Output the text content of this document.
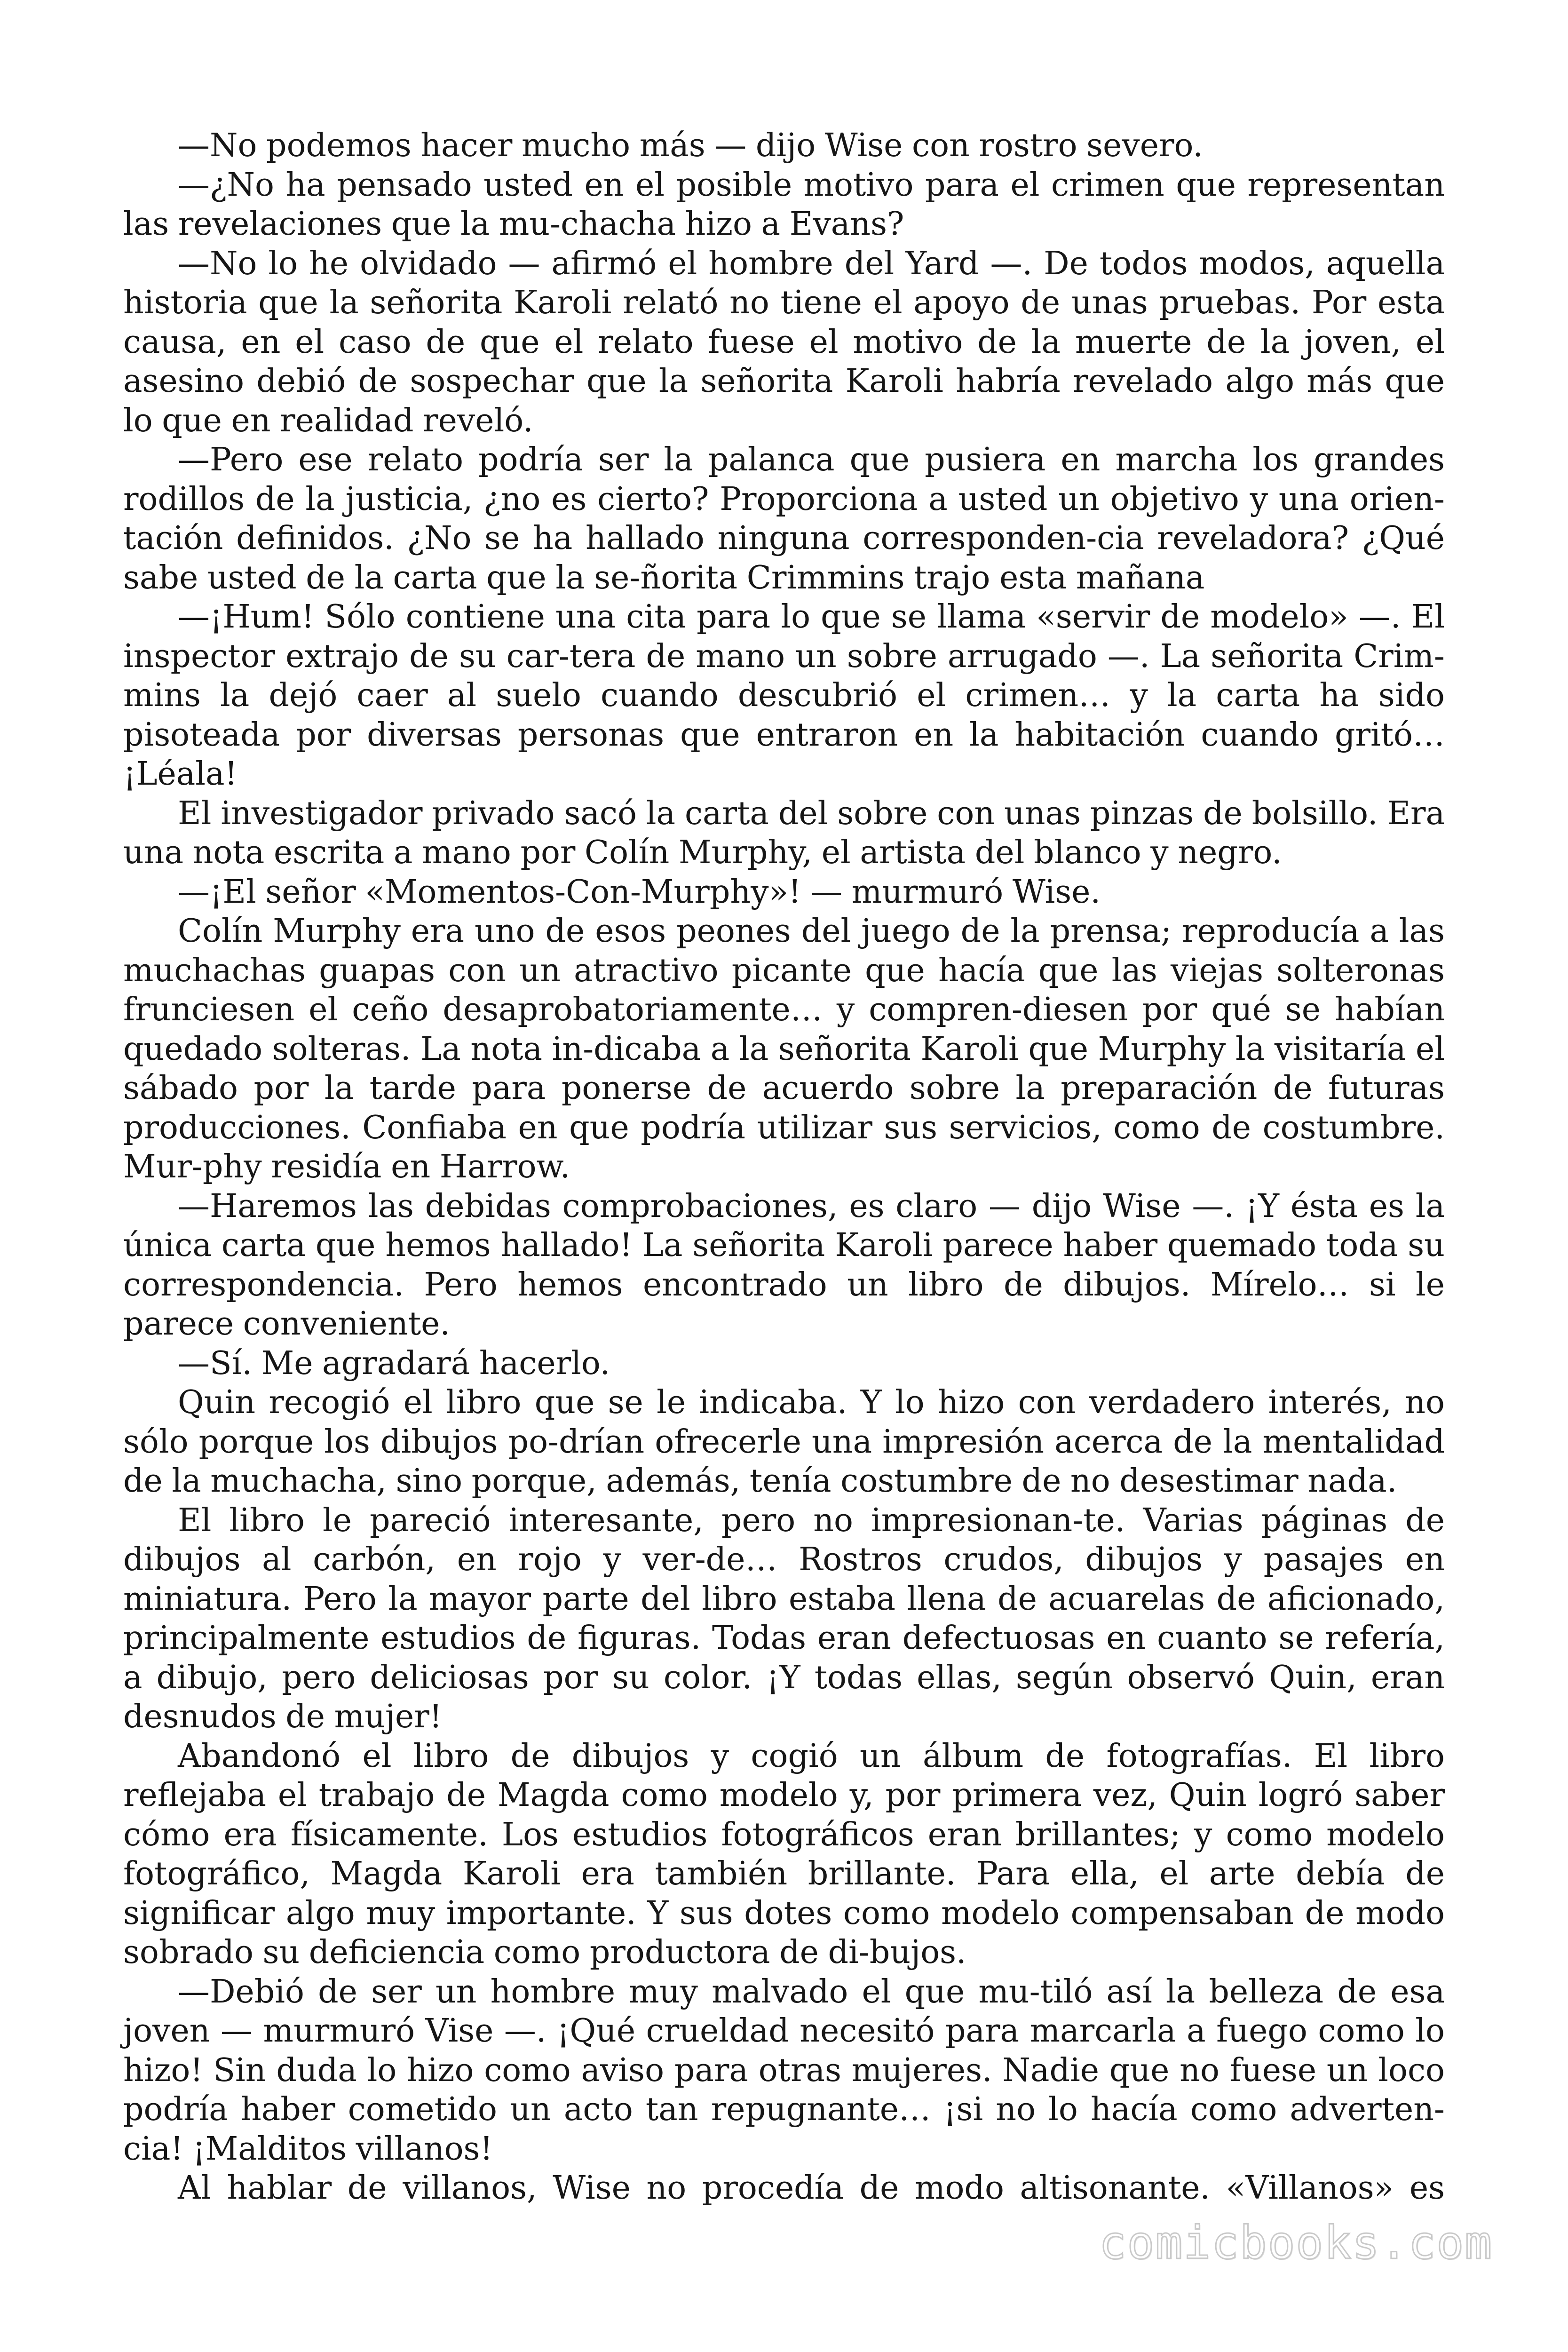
—No podemos hacer mucho más — dijo Wise con rostro severo.

—¿No ha pensado usted en el posible motivo para el crimen que representan las revelaciones que la mu-chacha hizo a Evans?

—No lo he olvidado — afirmó el hombre del Yard —. De todos modos, aquella historia que la señorita Karoli relató no tiene el apoyo de unas pruebas. Por esta causa, en el caso de que el relato fuese el motivo de la muerte de la joven, el asesino debió de sospechar que la señorita Karoli habría revelado algo más que lo que en realidad reveló.

—Pero ese relato podría ser la palanca que pusiera en marcha los grandes rodillos de la justicia, ¿no es cierto? Proporciona a usted un objetivo y una orien-tación definidos. ¿No se ha hallado ninguna corresponden-cia reveladora? ¿Qué sabe usted de la carta que la se-ñorita Crimmins trajo esta mañana

—¡Hum! Sólo contiene una cita para lo que se llama «servir de modelo» —. El inspector extrajo de su car-tera de mano un sobre arrugado —. La señorita Crim-mins la dejó caer al suelo cuando descubrió el crimen… y la carta ha sido pisoteada por diversas personas que entraron en la habitación cuando gritó… ¡Léala!

El investigador privado sacó la carta del sobre con unas pinzas de bolsillo. Era una nota escrita a mano por Colín Murphy, el artista del blanco y negro.

—¡El señor «Momentos-Con-Murphy»! — murmuró Wise.

Colín Murphy era uno de esos peones del juego de la prensa; reproducía a las muchachas guapas con un atractivo picante que hacía que las viejas solteronas frunciesen el ceño desaprobatoriamente… y compren-diesen por qué se habían quedado solteras. La nota in-dicaba a la señorita Karoli que Murphy la visitaría el sábado por la tarde para ponerse de acuerdo sobre la preparación de futuras producciones. Confiaba en que podría utilizar sus servicios, como de costumbre. Mur-phy residía en Harrow.

—Haremos las debidas comprobaciones, es claro — dijo Wise —. ¡Y ésta es la única carta que hemos hallado! La señorita Karoli parece haber quemado toda su correspondencia. Pero hemos encontrado un libro de dibujos. Mírelo… si le parece conveniente.

—Sí. Me agradará hacerlo.

Quin recogió el libro que se le indicaba. Y lo hizo con verdadero interés, no sólo porque los dibujos po-drían ofrecerle una impresión acerca de la mentalidad de la muchacha, sino porque, además, tenía costumbre de no desestimar nada.

El libro le pareció interesante, pero no impresionan-te. Varias páginas de dibujos al carbón, en rojo y ver-de… Rostros crudos, dibujos y pasajes en miniatura. Pero la mayor parte del libro estaba llena de acuarelas de aficionado, principalmente estudios de figuras. Todas eran defectuosas en cuanto se refería, a dibujo, pero deliciosas por su color. ¡Y todas ellas, según observó Quin, eran desnudos de mujer!

Abandonó el libro de dibujos y cogió un álbum de fotografías. El libro reflejaba el trabajo de Magda como modelo y, por primera vez, Quin logró saber cómo era físicamente. Los estudios fotográficos eran brillantes; y como modelo fotográfico, Magda Karoli era también brillante. Para ella, el arte debía de significar algo muy importante. Y sus dotes como modelo compensaban de modo sobrado su deficiencia como productora de di-bujos.

—Debió de ser un hombre muy malvado el que mu-tiló así la belleza de esa joven — murmuró Vise —. ¡Qué crueldad necesitó para marcarla a fuego como lo hizo! Sin duda lo hizo como aviso para otras mujeres. Nadie que no fuese un loco podría haber cometido un acto tan repugnante… ¡si no lo hacía como adverten-cia! ¡Malditos villanos!

Al hablar de villanos, Wise no procedía de modo altisonante. «Villanos» es

comicbooks.com
